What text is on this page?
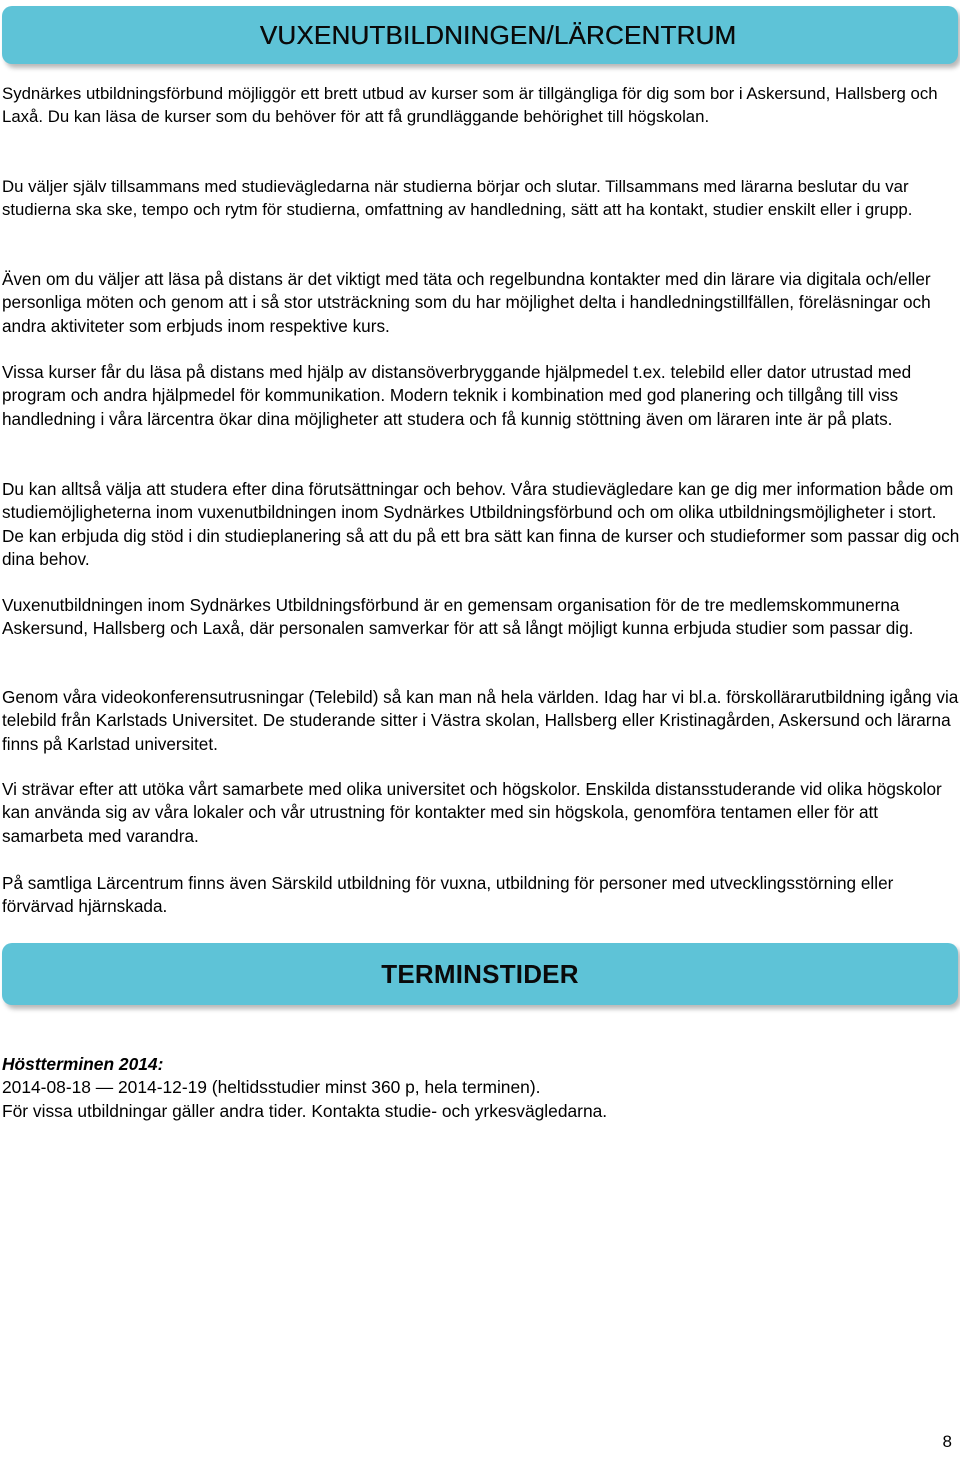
VUXENUTBILDNINGEN/LÄRCENTRUM

Sydnärkes utbildningsförbund möjliggör ett brett utbud av kurser som är tillgängliga för dig som bor i Askersund, Hallsberg och Laxå. Du kan läsa de kurser som du behöver för att få grundläggande behörighet till högskolan.

Du väljer själv tillsammans med studievägledarna när studierna börjar och slutar. Tillsammans med lärarna beslutar du var studierna ska ske, tempo och rytm för studierna, omfattning av handledning, sätt att ha kontakt, studier enskilt eller i grupp.

Även om du väljer att läsa på distans är det viktigt med täta och regelbundna kontakter med din lärare via digitala och/eller personliga möten och genom att i så stor utsträckning som du har möjlighet delta i handledningstillfällen, föreläsningar och andra aktiviteter som erbjuds inom respektive kurs.

Vissa kurser får du läsa på distans med hjälp av distansöverbryggande hjälpmedel t.ex. telebild eller dator utrustad med program och andra hjälpmedel för kommunikation. Modern teknik i kombination med god planering och tillgång till viss handledning i våra lärcentra ökar dina möjligheter att studera och få kunnig stöttning även om läraren inte är på plats.

Du kan alltså välja att studera efter dina förutsättningar och behov. Våra studievägledare kan ge dig mer information både om studiemöjligheterna inom vuxenutbildningen inom Sydnärkes Utbildningsförbund och om olika utbildningsmöjligheter i stort. De kan erbjuda dig stöd i din studieplanering så att du på ett bra sätt kan finna de kurser och studieformer som passar dig och dina behov.

Vuxenutbildningen inom Sydnärkes Utbildningsförbund är en gemensam organisation för de tre medlemskommunerna Askersund, Hallsberg och Laxå, där personalen samverkar för att så långt möjligt kunna erbjuda studier som passar dig.

Genom våra videokonferensutrusningar (Telebild) så kan man nå hela världen. Idag har vi bl.a. förskollärarutbildning igång via telebild från Karlstads Universitet. De studerande sitter i Västra skolan, Hallsberg eller Kristinagården, Askersund och lärarna finns på Karlstad universitet.

Vi strävar efter att utöka vårt samarbete med olika universitet och högskolor. Enskilda distansstuderande vid olika högskolor kan använda sig av våra lokaler och vår utrustning för kontakter med sin högskola, genomföra tentamen eller för att samarbeta med varandra.

På samtliga Lärcentrum finns även Särskild utbildning för vuxna, utbildning för personer med utvecklingsstörning eller förvärvad hjärnskada.

TERMINSTIDER
Höstterminen 2014:
2014-08-18 — 2014-12-19 (heltidsstudier minst 360 p, hela terminen).
För vissa utbildningar gäller andra tider. Kontakta studie- och yrkesvägledarna.
8
